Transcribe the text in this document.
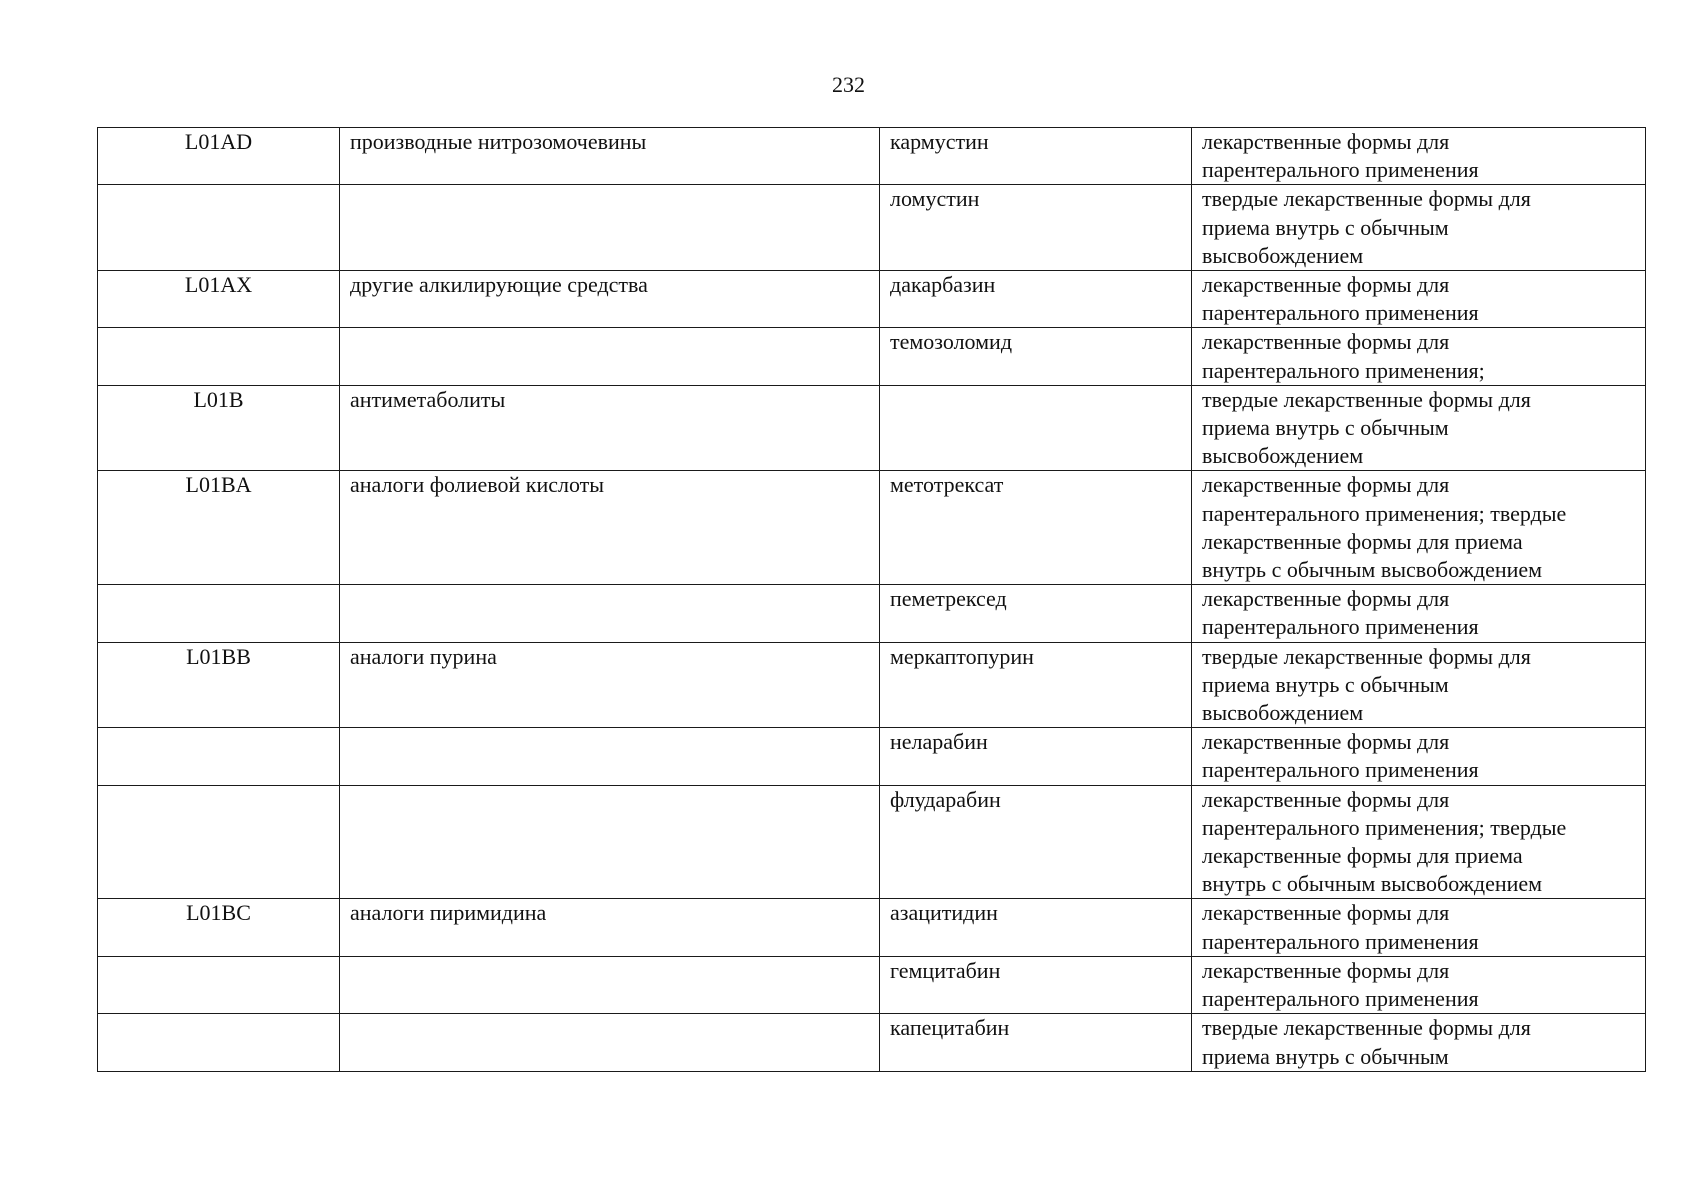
232
L01AD	производные нитрозомочевины	кармустин	лекарственные формы для
парентерального применения
		ломустин	твердые лекарственные формы для
приема внутрь с обычным
высвобождением
L01AX	другие алкилирующие средства	дакарбазин	лекарственные формы для
парентерального применения
		темозоломид	лекарственные формы для
парентерального применения;
L01B	антиметаболиты		твердые лекарственные формы для
приема внутрь с обычным
высвобождением
L01BA	аналоги фолиевой кислоты	метотрексат	лекарственные формы для
парентерального применения; твердые
лекарственные формы для приема
внутрь с обычным высвобождением
		пеметрексед	лекарственные формы для
парентерального применения
L01BB	аналоги пурина	меркаптопурин	твердые лекарственные формы для
приема внутрь с обычным
высвобождением
		неларабин	лекарственные формы для
парентерального применения
		флударабин	лекарственные формы для
парентерального применения; твердые
лекарственные формы для приема
внутрь с обычным высвобождением
L01BC	аналоги пиримидина	азацитидин	лекарственные формы для
парентерального применения
		гемцитабин	лекарственные формы для
парентерального применения
		капецитабин	твердые лекарственные формы для
приема внутрь с обычным
